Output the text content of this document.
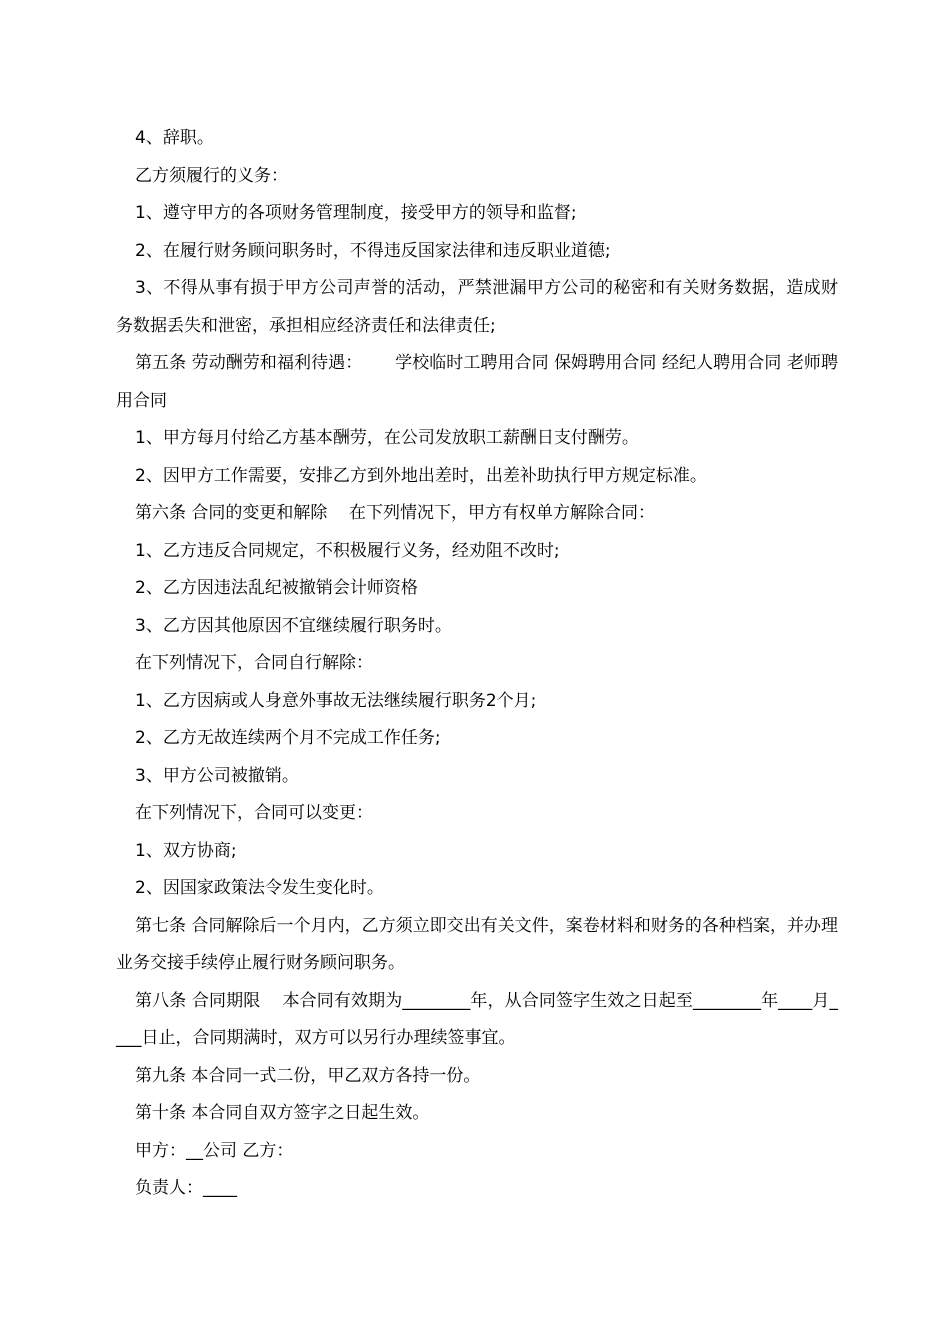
4、辞职。

乙方须履行的义务：

1、遵守甲方的各项财务管理制度，接受甲方的领导和监督;

2、在履行财务顾问职务时，不得违反国家法律和违反职业道德;

3、不得从事有损于甲方公司声誉的活动，严禁泄漏甲方公司的秘密和有关财务数据，造成财务数据丢失和泄密，承担相应经济责任和法律责任;

第五条 劳动酬劳和福利待遇：      学校临时工聘用合同 保姆聘用合同 经纪人聘用合同 老师聘用合同

1、甲方每月付给乙方基本酬劳，在公司发放职工薪酬日支付酬劳。

2、因甲方工作需要，安排乙方到外地出差时，出差补助执行甲方规定标准。

第六条 合同的变更和解除    在下列情况下，甲方有权单方解除合同：

1、乙方违反合同规定，不积极履行义务，经劝阻不改时;

2、乙方因违法乱纪被撤销会计师资格

3、乙方因其他原因不宜继续履行职务时。

在下列情况下，合同自行解除：

1、乙方因病或人身意外事故无法继续履行职务2个月;

2、乙方无故连续两个月不完成工作任务;

3、甲方公司被撤销。

在下列情况下，合同可以变更：

1、双方协商;

2、因国家政策法令发生变化时。

第七条 合同解除后一个月内，乙方须立即交出有关文件，案卷材料和财务的各种档案，并办理业务交接手续停止履行财务顾问职务。

第八条 合同期限    本合同有效期为________年，从合同签字生效之日起至________年____月____日止，合同期满时，双方可以另行办理续签事宜。

第九条 本合同一式二份，甲乙双方各持一份。

第十条 本合同自双方签字之日起生效。

甲方：__公司 乙方：

负责人：____
